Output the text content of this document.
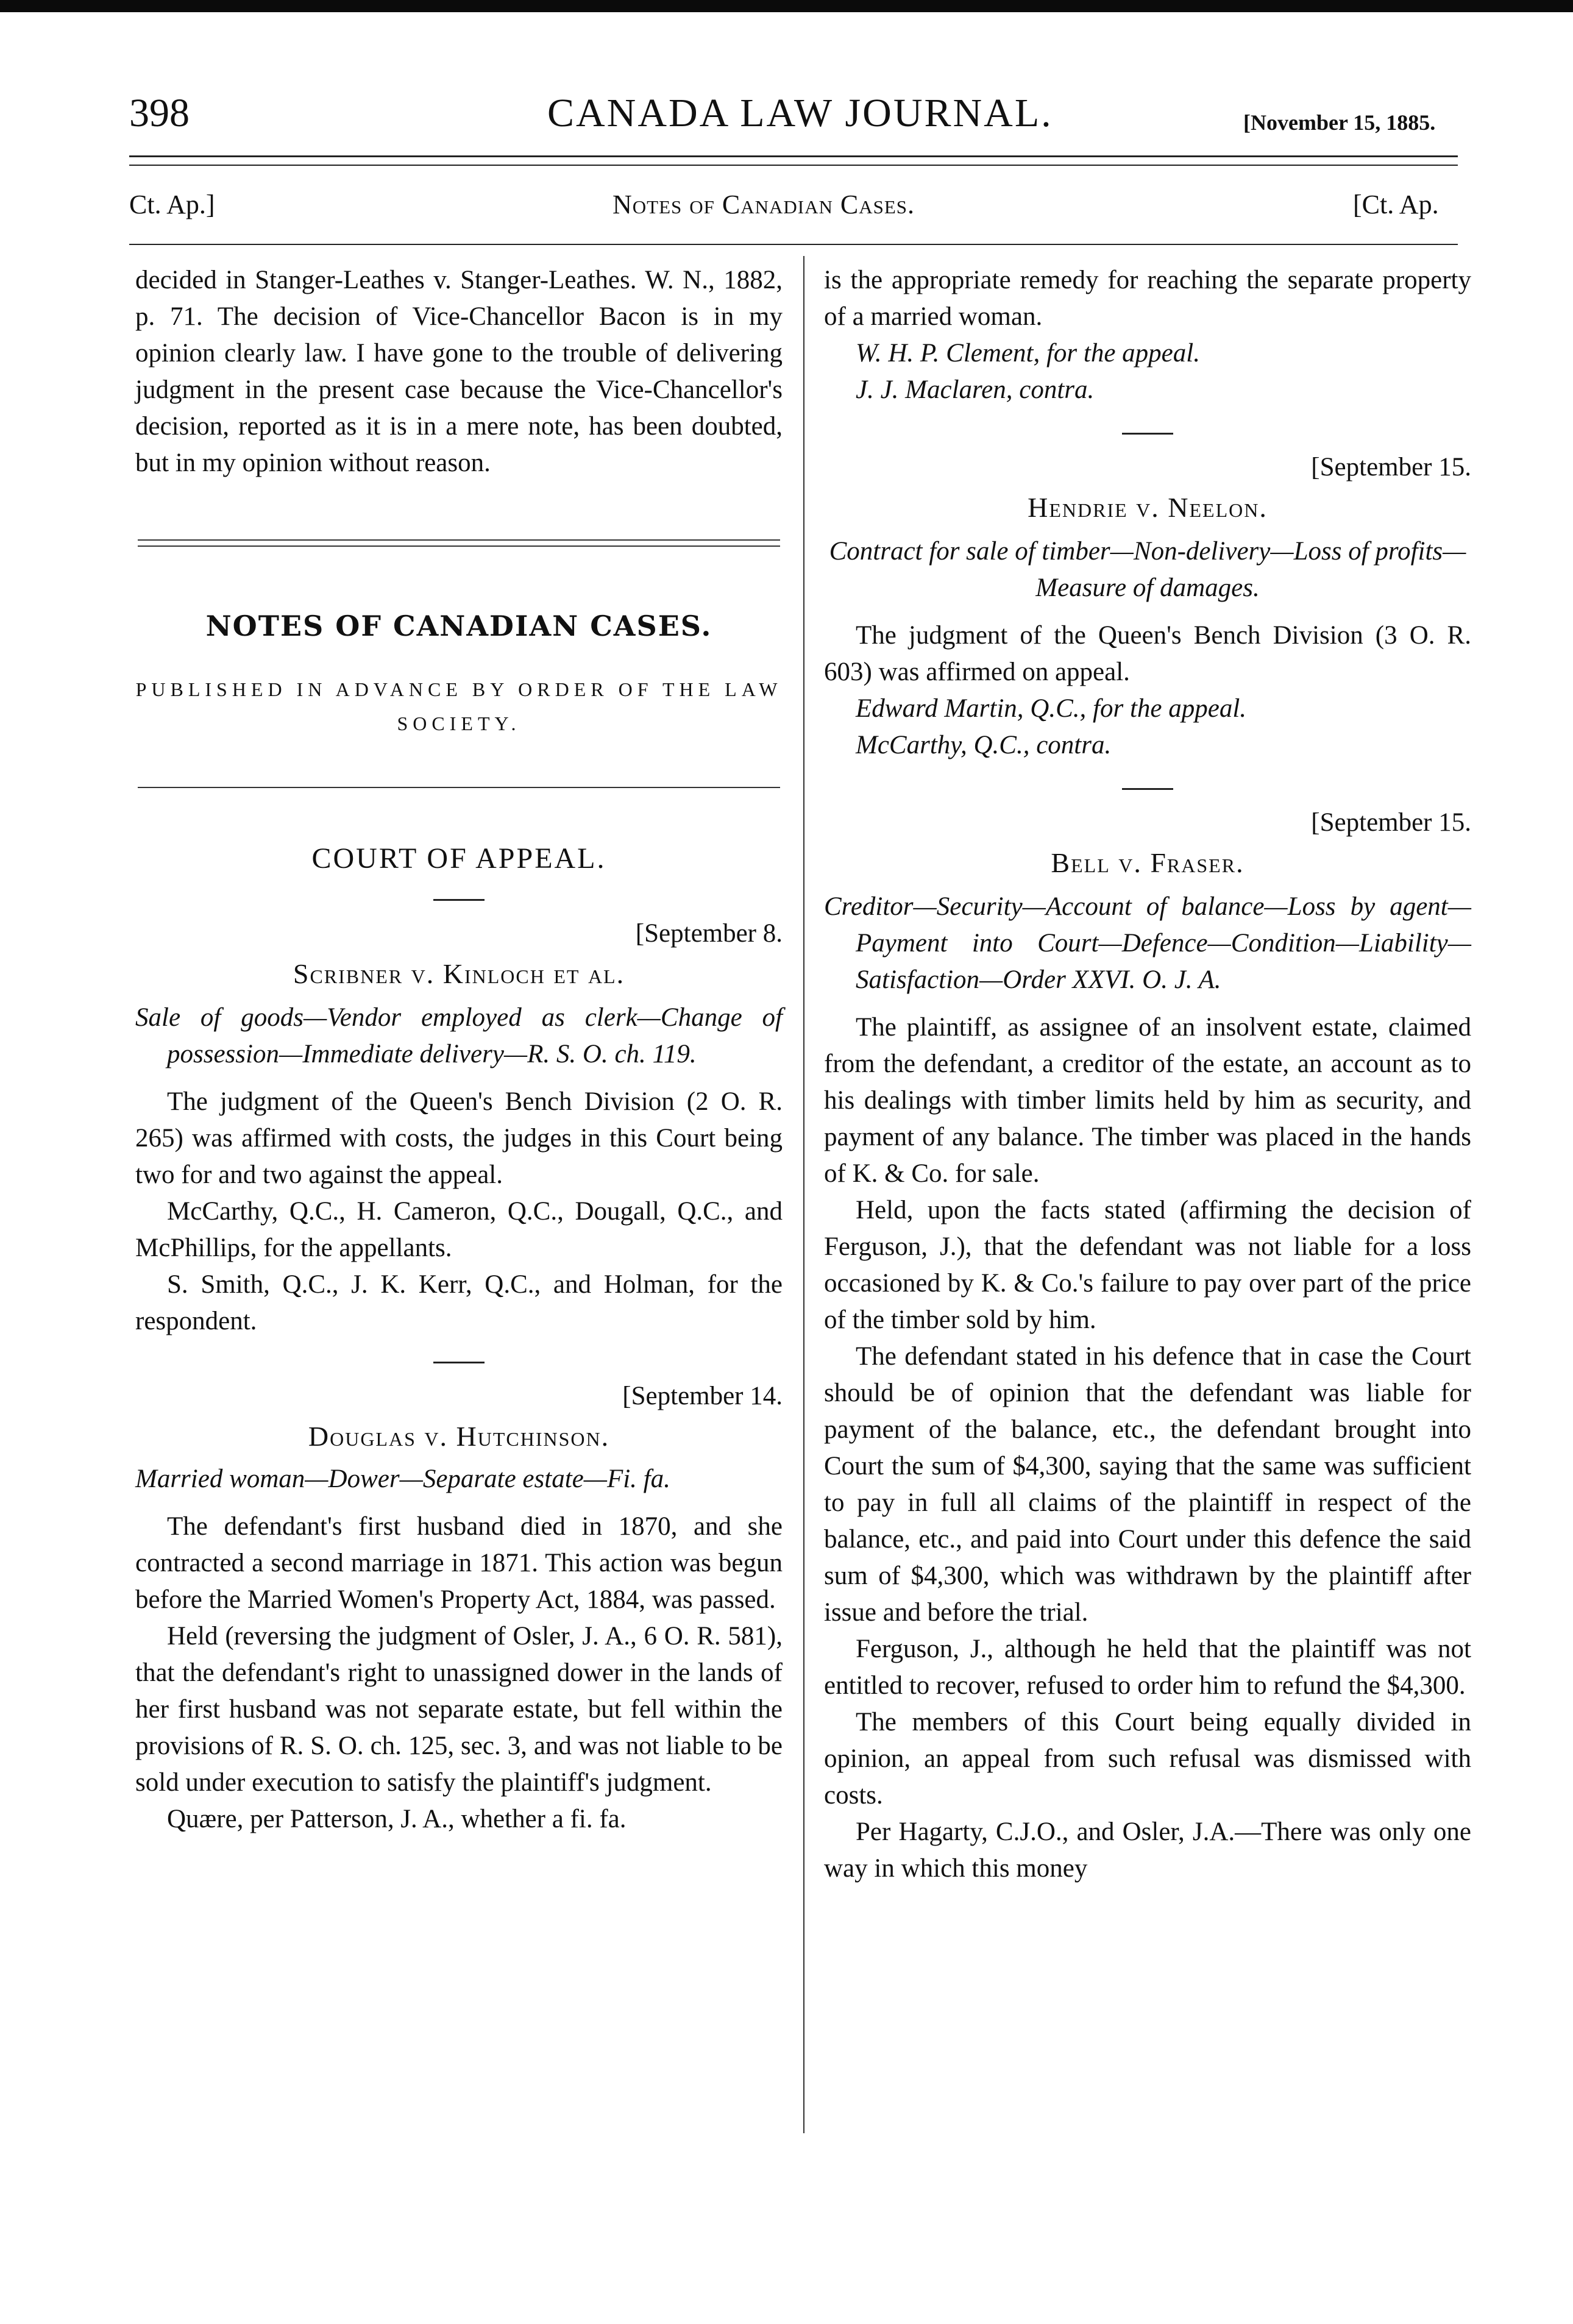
398	CANADA LAW JOURNAL.	[November 15, 1885.
Ct. Ap.]	Notes of Canadian Cases.	[Ct. Ap.

decided in Stanger-Leathes v. Stanger-Leathes. W. N., 1882, p. 71. The decision of Vice-Chancellor Bacon is in my opinion clearly law. I have gone to the trouble of delivering judgment in the present case because the Vice-Chancellor's decision, reported as it is in a mere note, has been doubted, but in my opinion without reason.

NOTES OF CANADIAN CASES.
PUBLISHED IN ADVANCE BY ORDER OF THE LAW SOCIETY.
COURT OF APPEAL.

[September 8.

Scribner v. Kinloch et al.

Sale of goods—Vendor employed as clerk—Change of possession—Immediate delivery—R. S. O. ch. 119.

The judgment of the Queen's Bench Division (2 O. R. 265) was affirmed with costs, the judges in this Court being two for and two against the appeal.

McCarthy, Q.C., H. Cameron, Q.C., Dougall, Q.C., and McPhillips, for the appellants.

S. Smith, Q.C., J. K. Kerr, Q.C., and Holman, for the respondent.

[September 14.

Douglas v. Hutchinson.

Married woman—Dower—Separate estate—Fi. fa.

The defendant's first husband died in 1870, and she contracted a second marriage in 1871. This action was begun before the Married Women's Property Act, 1884, was passed.

Held (reversing the judgment of Osler, J. A., 6 O. R. 581), that the defendant's right to unassigned dower in the lands of her first husband was not separate estate, but fell within the provisions of R. S. O. ch. 125, sec. 3, and was not liable to be sold under execution to satisfy the plaintiff's judgment.

Quære, per Patterson, J. A., whether a fi. fa.

is the appropriate remedy for reaching the separate property of a married woman.

W. H. P. Clement, for the appeal.

J. J. Maclaren, contra.

[September 15.

Hendrie v. Neelon.

Contract for sale of timber—Non-delivery—Loss of profits—Measure of damages.

The judgment of the Queen's Bench Division (3 O. R. 603) was affirmed on appeal.

Edward Martin, Q.C., for the appeal.

McCarthy, Q.C., contra.

[September 15.

Bell v. Fraser.

Creditor—Security—Account of balance—Loss by agent—Payment into Court—Defence—Condition—Liability—Satisfaction—Order XXVI. O. J. A.

The plaintiff, as assignee of an insolvent estate, claimed from the defendant, a creditor of the estate, an account as to his dealings with timber limits held by him as security, and payment of any balance. The timber was placed in the hands of K. & Co. for sale.

Held, upon the facts stated (affirming the decision of Ferguson, J.), that the defendant was not liable for a loss occasioned by K. & Co.'s failure to pay over part of the price of the timber sold by him.

The defendant stated in his defence that in case the Court should be of opinion that the defendant was liable for payment of the balance, etc., the defendant brought into Court the sum of $4,300, saying that the same was sufficient to pay in full all claims of the plaintiff in respect of the balance, etc., and paid into Court under this defence the said sum of $4,300, which was withdrawn by the plaintiff after issue and before the trial.

Ferguson, J., although he held that the plaintiff was not entitled to recover, refused to order him to refund the $4,300.

The members of this Court being equally divided in opinion, an appeal from such refusal was dismissed with costs.

Per Hagarty, C.J.O., and Osler, J.A.—There was only one way in which this money
